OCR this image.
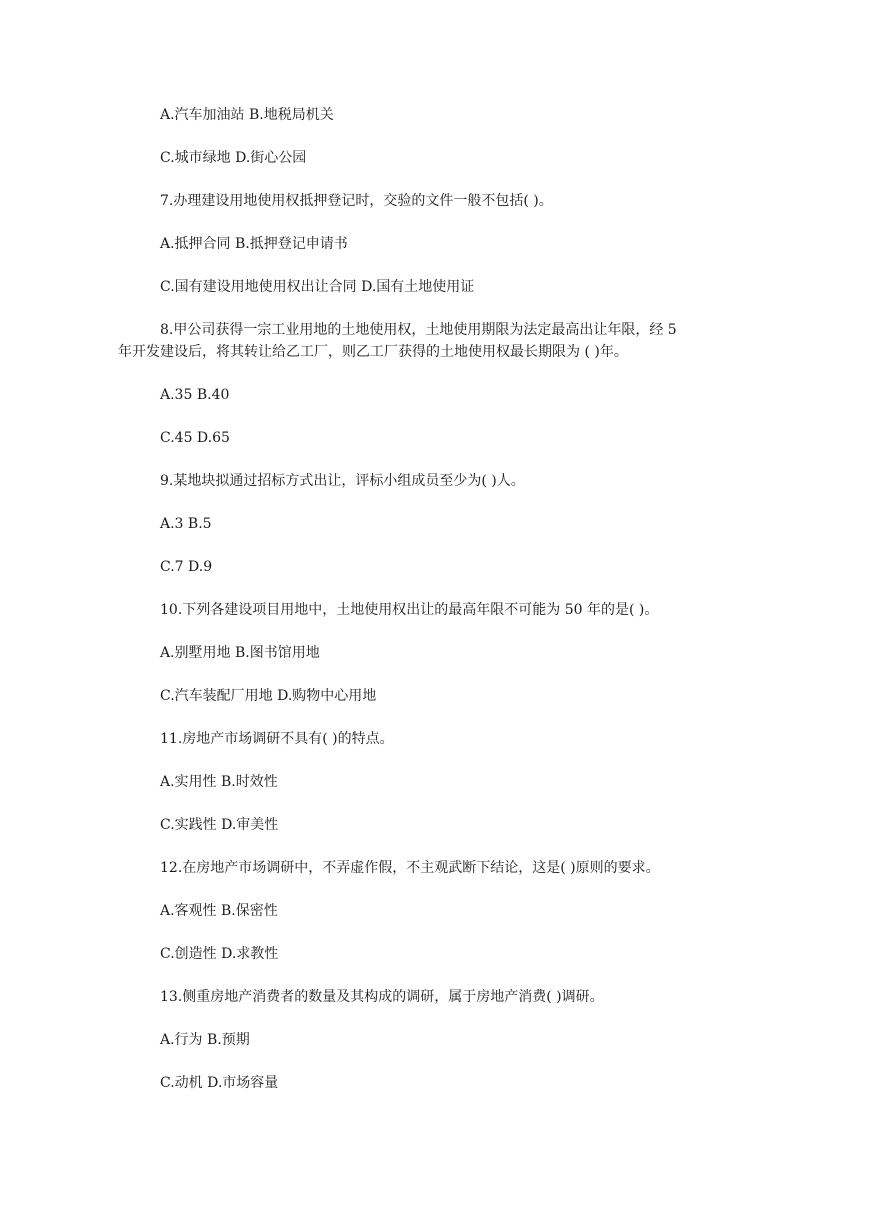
A.汽车加油站 B.地税局机关

C.城市绿地 D.街心公园

7.办理建设用地使用权抵押登记时，交验的文件一般不包括( )。

A.抵押合同 B.抵押登记申请书

C.国有建设用地使用权出让合同 D.国有土地使用证

8.甲公司获得一宗工业用地的土地使用权，土地使用期限为法定最高出让年限，经 5

年开发建设后，将其转让给乙工厂，则乙工厂获得的土地使用权最长期限为 ( )年。

A.35 B.40

C.45 D.65

9.某地块拟通过招标方式出让，评标小组成员至少为( )人。

A.3 B.5

C.7 D.9

10.下列各建设项目用地中，土地使用权出让的最高年限不可能为 50 年的是( )。

A.别墅用地 B.图书馆用地

C.汽车装配厂用地 D.购物中心用地

11.房地产市场调研不具有( )的特点。

A.实用性 B.时效性

C.实践性 D.审美性

12.在房地产市场调研中，不弄虚作假，不主观武断下结论，这是( )原则的要求。

A.客观性 B.保密性

C.创造性 D.求教性

13.侧重房地产消费者的数量及其构成的调研，属于房地产消费( )调研。

A.行为 B.预期

C.动机 D.市场容量
